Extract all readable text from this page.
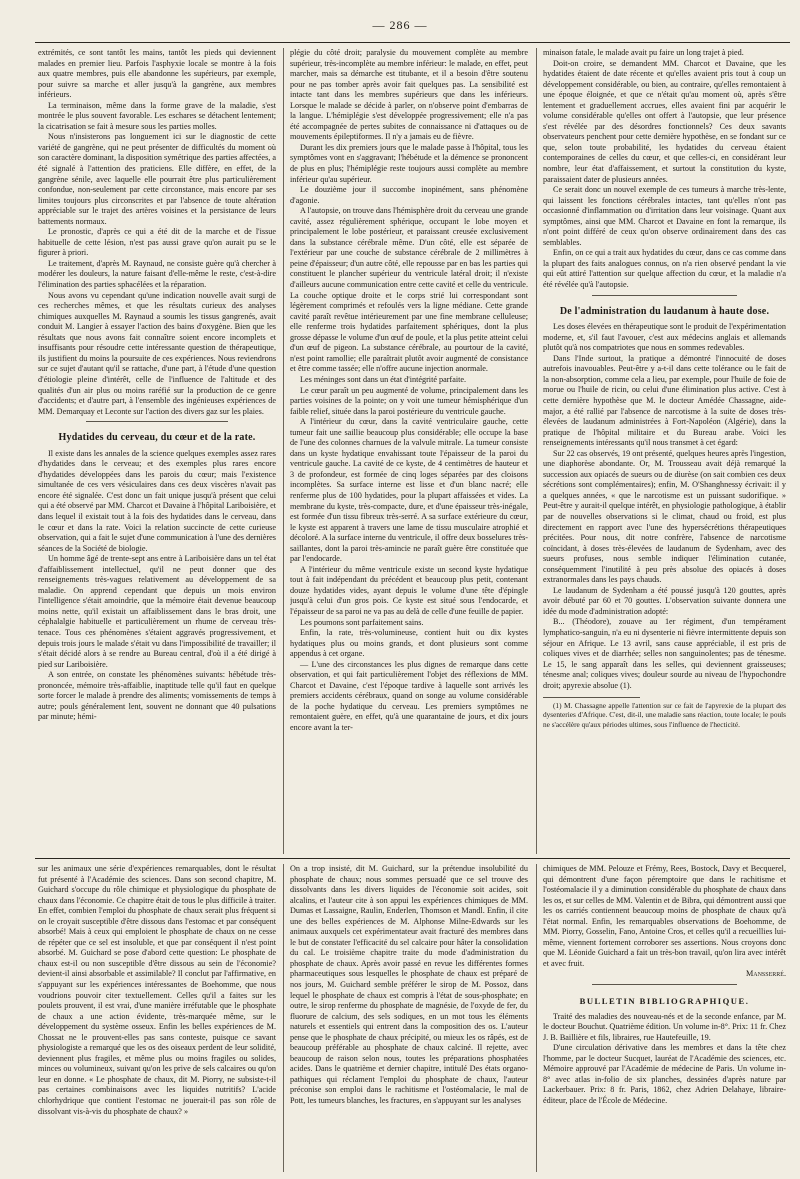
— 286 —

extrémités, ce sont tantôt les mains, tantôt les pieds qui deviennent malades en premier lieu. Parfois l'asphyxie locale se montre à la fois aux quatre membres, puis elle abandonne les supérieurs, par exemple, pour suivre sa marche et aller jusqu'à la gangrène, aux membres inférieurs.

La terminaison, même dans la forme grave de la maladie, s'est montrée le plus souvent favorable. Les eschares se détachent lentement; la cicatrisation se fait à mesure sous les parties molles.

Nous n'insisterons pas longuement ici sur le diagnostic de cette variété de gangrène, qui ne peut présenter de difficultés du moment où son caractère dominant, la disposition symétrique des parties affectées, a été signalé à l'attention des praticiens. Elle diffère, en effet, de la gangrène sénile, avec laquelle elle pourrait être plus particulièrement confondue, non-seulement par cette circonstance, mais encore par ses limites toujours plus circonscrites et par l'absence de toute altération appréciable sur le trajet des artères voisines et la persistance de leurs battements normaux.

Le pronostic, d'après ce qui a été dit de la marche et de l'issue habituelle de cette lésion, n'est pas aussi grave qu'on aurait pu se le figurer à priori.

Le traitement, d'après M. Raynaud, ne consiste guère qu'à chercher à modérer les douleurs, la nature faisant d'elle-même le reste, c'est-à-dire l'élimination des parties sphacélées et la réparation.

Nous avons vu cependant qu'une indication nouvelle avait surgi de ces recherches mêmes, et que les résultats curieux des analyses chimiques auxquelles M. Raynaud a soumis les tissus gangrenés, avait conduit M. Langier à essayer l'action des bains d'oxygène. Bien que les résultats que nous avons fait connaître soient encore incomplets et insuffisants pour résoudre cette intéressante question de thérapeutique, ils justifient du moins la poursuite de ces expériences. Nous reviendrons sur ce sujet d'autant qu'il se rattache, d'une part, à l'étude d'une question d'étiologie pleine d'intérêt, celle de l'influence de l'altitude et des qualités d'un air plus ou moins raréfié sur la production de ce genre d'accidents; et d'autre part, à l'ensemble des ingénieuses expériences de MM. Demarquay et Leconte sur l'action des divers gaz sur les plaies.

Hydatides du cerveau, du cœur et de la rate.

Il existe dans les annales de la science quelques exemples assez rares d'hydatides dans le cerveau; et des exemples plus rares encore d'hydatides développées dans les parois du cœur; mais l'existence simultanée de ces vers vésiculaires dans ces deux viscères n'avait pas encore été signalée. C'est donc un fait unique jusqu'à présent que celui qui a été observé par MM. Charcot et Davaine à l'hôpital Lariboisière, et dans lequel il existait tout à la fois des hydatides dans le cerveau, dans le cœur et dans la rate. Voici la relation succincte de cette curieuse observation, qui a fait le sujet d'une communication à l'une des dernières séances de la Société de biologie.

Un homme âgé de trente-sept ans entre à Lariboisière dans un tel état d'affaiblissement intellectuel, qu'il ne peut donner que des renseignements très-vagues relativement au développement de sa maladie. On apprend cependant que depuis un mois environ l'intelligence s'était amoindrie, que la mémoire était devenue beaucoup moins nette, qu'il existait un affaiblissement dans le bras droit, une céphalalgie habituelle et particulièrement un rhume de cerveau très-tenace. Tous ces phénomènes s'étaient aggravés progressivement, et depuis trois jours le malade s'était vu dans l'impossibilité de travailler; il s'était décidé alors à se rendre au Bureau central, d'où il a été dirigé à pied sur Lariboisière.

A son entrée, on constate les phénomènes suivants: hébétude très-prononcée, mémoire très-affaiblie, inaptitude telle qu'il faut en quelque sorte forcer le malade à prendre des aliments; vomissements de temps à autre; pouls généralement lent, souvent ne donnant que 40 pulsations par minute; hémi-

plégie du côté droit; paralysie du mouvement complète au membre supérieur, très-incomplète au membre inférieur: le malade, en effet, peut marcher, mais sa démarche est titubante, et il a besoin d'être soutenu pour ne pas tomber après avoir fait quelques pas. La sensibilité est intacte tant dans les membres supérieurs que dans les inférieurs. Lorsque le malade se décide à parler, on n'observe point d'embarras de la langue. L'hémiplégie s'est développée progressivement; elle n'a pas été accompagnée de pertes subites de connaissance ni d'attaques ou de mouvements épileptiformes. Il n'y a jamais eu de fièvre.

Durant les dix premiers jours que le malade passe à l'hôpital, tous les symptômes vont en s'aggravant; l'hébétude et la démence se prononcent de plus en plus; l'hémiplégie reste toujours aussi complète au membre inférieur qu'au supérieur.

Le douzième jour il succombe inopinément, sans phénomène d'agonie.

A l'autopsie, on trouve dans l'hémisphère droit du cerveau une grande cavité, assez régulièrement sphérique, occupant le lobe moyen et principalement le lobe postérieur, et paraissant creusée exclusivement dans la substance cérébrale même. D'un côté, elle est séparée de l'extérieur par une couche de substance cérébrale de 2 millimètres à peine d'épaisseur; d'un autre côté, elle repousse par en bas les parties qui constituent le plancher supérieur du ventricule latéral droit; il n'existe d'ailleurs aucune communication entre cette cavité et celle du ventricule. La couche optique droite et le corps strié lui correspondant sont légèrement comprimés et refoulés vers la ligne médiane. Cette grande cavité paraît revêtue intérieurement par une fine membrane celluleuse; elle renferme trois hydatides parfaitement sphériques, dont la plus grosse dépasse le volume d'un œuf de poule, et la plus petite atteint celui d'un œuf de pigeon. La substance cérébrale, au pourtour de la cavité, n'est point ramollie; elle paraîtrait plutôt avoir augmenté de consistance et être comme tassée; elle n'offre aucune injection anormale.

Les méninges sont dans un état d'intégrité parfaite.

Le cœur paraît un peu augmenté de volume, principalement dans les parties voisines de la pointe; on y voit une tumeur hémisphérique d'un faible relief, située dans la paroi postérieure du ventricule gauche.

A l'intérieur du cœur, dans la cavité ventriculaire gauche, cette tumeur fait une saillie beaucoup plus considérable; elle occupe la base de l'une des colonnes charnues de la valvule mitrale. La tumeur consiste dans un kyste hydatique envahissant toute l'épaisseur de la paroi du ventricule gauche. La cavité de ce kyste, de 4 centimètres de hauteur et 3 de profondeur, est formée de cinq loges séparées par des cloisons incomplètes. Sa surface interne est lisse et d'un blanc nacré; elle renferme plus de 100 hydatides, pour la plupart affaissées et vides. La membrane du kyste, très-compacte, dure, et d'une épaisseur très-inégale, est formée d'un tissu fibreux très-serré. A sa surface extérieure du cœur, le kyste est apparent à travers une lame de tissu musculaire atrophié et décoloré. A la surface interne du ventricule, il offre deux bosselures très-saillantes, dont la paroi très-amincie ne paraît guère être constituée que par l'endocarde.

A l'intérieur du même ventricule existe un second kyste hydatique tout à fait indépendant du précédent et beaucoup plus petit, contenant douze hydatides vides, ayant depuis le volume d'une tête d'épingle jusqu'à celui d'un gros pois. Ce kyste est situé sous l'endocarde, et l'épaisseur de sa paroi ne va pas au delà de celle d'une feuille de papier.

Les poumons sont parfaitement sains.

Enfin, la rate, très-volumineuse, contient huit ou dix kystes hydatiques plus ou moins grands, et dont plusieurs sont comme appendus à cet organe.

— L'une des circonstances les plus dignes de remarque dans cette observation, et qui fait particulièrement l'objet des réflexions de MM. Charcot et Davaine, c'est l'époque tardive à laquelle sont arrivés les premiers accidents cérébraux, quand on songe au volume considérable de la poche hydatique du cerveau. Les premiers symptômes ne remontaient guère, en effet, qu'à une quarantaine de jours, et dix jours encore avant la ter-

minaison fatale, le malade avait pu faire un long trajet à pied.

Doit-on croire, se demandent MM. Charcot et Davaine, que les hydatides étaient de date récente et qu'elles avaient pris tout à coup un développement considérable, ou bien, au contraire, qu'elles remontaient à une époque éloignée, et que ce n'était qu'au moment où, après s'être lentement et graduellement accrues, elles avaient fini par acquérir le volume considérable qu'elles ont offert à l'autopsie, que leur présence s'est révélée par des désordres fonctionnels? Ces deux savants observateurs penchent pour cette dernière hypothèse, en se fondant sur ce que, selon toute probabilité, les hydatides du cerveau étaient contemporaines de celles du cœur, et que celles-ci, en considérant leur nombre, leur état d'affaissement, et surtout la constitution du kyste, paraissaient dater de plusieurs années.

Ce serait donc un nouvel exemple de ces tumeurs à marche très-lente, qui laissent les fonctions cérébrales intactes, tant qu'elles n'ont pas occasionné d'inflammation ou d'irritation dans leur voisinage. Quant aux symptômes, ainsi que MM. Charcot et Davaine en font la remarque, ils n'ont point différé de ceux qu'on observe ordinairement dans des cas semblables.

Enfin, on ce qui a trait aux hydatides du cœur, dans ce cas comme dans la plupart des faits analogues connus, on n'a rien observé pendant la vie qui eût attiré l'attention sur quelque affection du cœur, et la maladie n'a été révélée qu'à l'autopsie.

De l'administration du laudanum à haute dose.

Les doses élevées en thérapeutique sont le produit de l'expérimentation moderne, et, s'il faut l'avouer, c'est aux médecins anglais et allemands plutôt qu'à nos compatriotes que nous en sommes redevables.

Dans l'Inde surtout, la pratique a démontré l'innocuité de doses autrefois inavouables. Peut-être y a-t-il dans cette tolérance ou le fait de la non-absorption, comme cela a lieu, par exemple, pour l'huile de foie de morue ou l'huile de ricin, ou celui d'une élimination plus active. C'est à cette dernière hypothèse que M. le docteur Amédée Chassagne, aide-major, a été rallié par l'absence de narcotisme à la suite de doses très-élevées de laudanum administrées à Fort-Napoléon (Algérie), dans la pratique de l'hôpital militaire et du Bureau arabe. Voici les renseignements intéressants qu'il nous transmet à cet égard:

Sur 22 cas observés, 19 ont présenté, quelques heures après l'ingestion, une diaphorèse abondante. Or, M. Trousseau avait déjà remarqué la succession aux opiacés de sueurs ou de diurèse (on sait combien ces deux sécrétions sont complémentaires); enfin, M. O'Shanghnessy écrivait: il y a quelques années, « que le narcotisme est un puissant sudorifique. » Peut-être y aurait-il quelque intérêt, en physiologie pathologique, à établir par de nouvelles observations si le climat, chaud ou froid, est plus directement en rapport avec l'une des hypersécrétions thérapeutiques précitées. Pour nous, dit notre confrère, l'absence de narcotisme coïncidant, à doses très-élevées de laudanum de Sydenham, avec des sueurs profuses, nous semble indiquer l'élimination cutanée, conséquemment l'inutilité à peu près absolue des opiacés à doses extranormales dans les pays chauds.

Le laudanum de Sydenham a été poussé jusqu'à 120 gouttes, après avoir débuté par 60 et 70 gouttes. L'observation suivante donnera une idée du mode d'administration adopté:

B... (Théodore), zouave au 1er régiment, d'un tempérament lymphatico-sanguin, n'a eu ni dysenterie ni fièvre intermittente depuis son séjour en Afrique. Le 13 avril, sans cause appréciable, il est pris de coliques vives et de diarrhée; selles non sanguinolentes; pas de ténesme. Le 15, le sang apparaît dans les selles, qui deviennent graisseuses; ténesme anal; coliques vives; douleur sourde au niveau de l'hypochondre droit; apyrexie absolue (1).

(1) M. Chassagne appelle l'attention sur ce fait de l'apyrexie de la plupart des dysenteries d'Afrique. C'est, dit-il, une maladie sans réaction, toute locale; le pouls ne s'accélère qu'aux périodes ultimes, sous l'influence de l'hecticité.

sur les animaux une série d'expériences remarquables, dont le résultat fut présenté à l'Académie des sciences. Dans son second chapitre, M. Guichard s'occupe du rôle chimique et physiologique du phosphate de chaux dans l'économie. Ce chapitre était de tous le plus difficile à traiter. En effet, combien l'emploi du phosphate de chaux serait plus fréquent si on le croyait susceptible d'être dissous dans l'estomac et par conséquent absorbé! Mais à ceux qui emploient le phosphate de chaux on ne cesse de répéter que ce sel est insoluble, et que par conséquent il n'est point absorbé. M. Guichard se pose d'abord cette question: Le phosphate de chaux est-il ou non susceptible d'être dissous au sein de l'économie? devient-il ainsi absorbable et assimilable? Il conclut par l'affirmative, en s'appuyant sur les expériences intéressantes de Boehomme, que nous voudrions pouvoir citer textuellement. Celles qu'il a faites sur les poulets prouvent, il est vrai, d'une manière irréfutable que le phosphate de chaux a une action évidente, très-marquée même, sur le développement du système osseux. Enfin les belles expériences de M. Chossat ne le prouvent-elles pas sans conteste, puisque ce savant physiologiste a remarqué que les os des oiseaux perdent de leur solidité, deviennent plus fragiles, et même plus ou moins fragiles ou solides, minces ou volumineux, suivant qu'on les prive de sels calcaires ou qu'on leur en donne. « Le phosphate de chaux, dit M. Piorry, ne subsiste-t-il pas certaines combinaisons avec les liquides nutritifs? L'acide chlorhydrique que contient l'estomac ne jouerait-il pas son rôle de dissolvant vis-à-vis du phosphate de chaux? »

On a trop insisté, dit M. Guichard, sur la prétendue insolubilité du phosphate de chaux; nous sommes persuadé que ce sel trouve des dissolvants dans les divers liquides de l'économie soit acides, soit alcalins, et l'auteur cite à son appui les expériences chimiques de MM. Dumas et Lassaigne, Raulin, Enderlen, Thomson et Mandl. Enfin, il cite une des belles expériences de M. Alphonse Milne-Edwards sur les animaux auxquels cet expérimentateur avait fracturé des membres dans le but de constater l'efficacité du sel calcaire pour hâter la consolidation du cal. Le troisième chapitre traite du mode d'administration du phosphate de chaux. Après avoir passé en revue les différentes formes pharmaceutiques sous lesquelles le phosphate de chaux est préparé de nos jours, M. Guichard semble préférer le sirop de M. Possoz, dans lequel le phosphate de chaux est compris à l'état de sous-phosphate; en outre, le sirop renferme du phosphate de magnésie, de l'oxyde de fer, du fluorure de calcium, des sels sodiques, en un mot tous les éléments naturels et essentiels qui entrent dans la composition des os. L'auteur pense que le phosphate de chaux précipité, ou mieux les os râpés, est de beaucoup préférable au phosphate de chaux calciné. Il rejette, avec beaucoup de raison selon nous, toutes les préparations phosphatées acides. Dans le quatrième et dernier chapitre, intitulé Des états organo-pathiques qui réclament l'emploi du phosphate de chaux, l'auteur préconise son emploi dans le rachitisme et l'ostéomalacie, le mal de Pott, les tumeurs blanches, les fractures, en s'appuyant sur les analyses

chimiques de MM. Pelouze et Frémy, Rees, Bostock, Davy et Becquerel, qui démontrent d'une façon péremptoire que dans le rachitisme et l'ostéomalacie il y a diminution considérable du phosphate de chaux dans les os, et sur celles de MM. Valentin et de Bibra, qui démontrent aussi que les os carriés contiennent beaucoup moins de phosphate de chaux qu'à l'état normal. Enfin, les remarquables observations de Boehomme, de MM. Piorry, Gosselin, Fano, Antoine Cros, et celles qu'il a recueillies lui-même, viennent fortement corroborer ses assertions. Nous croyons donc que M. Léonide Guichard a fait un très-bon travail, qu'on lira avec intérêt et avec fruit.

Mansserré.
BULLETIN BIBLIOGRAPHIQUE.

Traité des maladies des nouveau-nés et de la seconde enfance, par M. le docteur Bouchut. Quatrième édition. Un volume in-8°. Prix: 11 fr. Chez J. B. Baillière et fils, libraires, rue Hautefeuille, 19.

D'une circulation dérivative dans les membres et dans la tête chez l'homme, par le docteur Sucquet, lauréat de l'Académie des sciences, etc. Mémoire approuvé par l'Académie de médecine de Paris. Un volume in-8° avec atlas in-folio de six planches, dessinées d'après nature par Lackerbauer. Prix: 8 fr. Paris, 1862, chez Adrien Delahaye, libraire-éditeur, place de l'École de Médecine.
